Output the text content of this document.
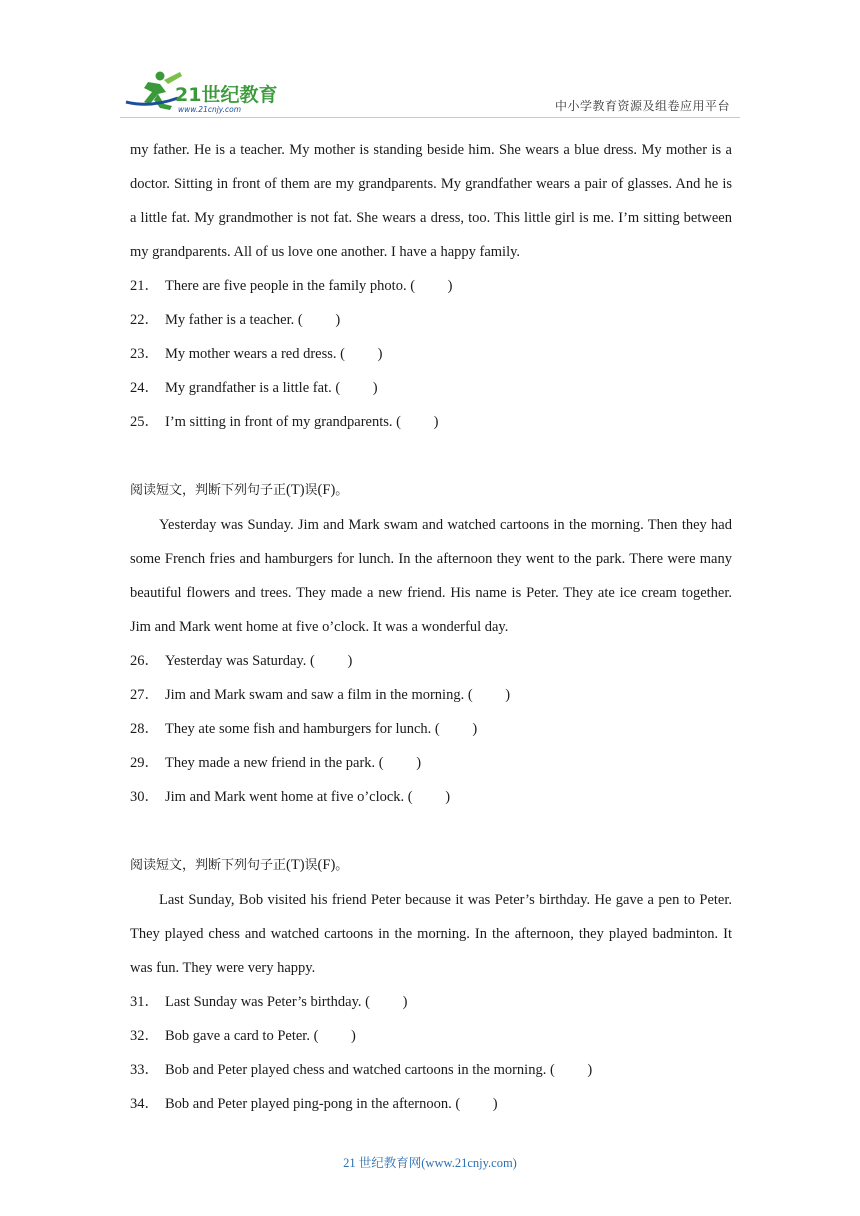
21世纪教育
www.21cnjy.com	中小学教育资源及组卷应用平台

my father. He is a teacher. My mother is standing beside him. She wears a blue dress. My mother is a doctor. Sitting in front of them are my grandparents. My grandfather wears a pair of glasses. And he is a little fat. My grandmother is not fat. She wears a dress, too. This little girl is me. I’m sitting between my grandparents. All of us love one another. I have a happy family.

21． There are five people in the family photo. ( )

22． My father is a teacher. ( )

23． My mother wears a red dress. ( )

24． My grandfather is a little fat. ( )

25． I’m sitting in front of my grandparents. ( )

阅读短文，判断下列句子正(T)误(F)。

Yesterday was Sunday. Jim and Mark swam and watched cartoons in the morning. Then they had some French fries and hamburgers for lunch. In the afternoon they went to the park. There were many beautiful flowers and trees. They made a new friend. His name is Peter. They ate ice cream together. Jim and Mark went home at five o’clock. It was a wonderful day.

26． Yesterday was Saturday. ( )

27． Jim and Mark swam and saw a film in the morning. ( )

28． They ate some fish and hamburgers for lunch. ( )

29． They made a new friend in the park. ( )

30． Jim and Mark went home at five o’clock. ( )

阅读短文，判断下列句子正(T)误(F)。

Last Sunday, Bob visited his friend Peter because it was Peter’s birthday. He gave a pen to Peter. They played chess and watched cartoons in the morning. In the afternoon, they played badminton. It was fun. They were very happy.

31． Last Sunday was Peter’s birthday. ( )

32． Bob gave a card to Peter. ( )

33． Bob and Peter played chess and watched cartoons in the morning. ( )

34． Bob and Peter played ping-pong in the afternoon. ( )

21 世纪教育网(www.21cnjy.com)
